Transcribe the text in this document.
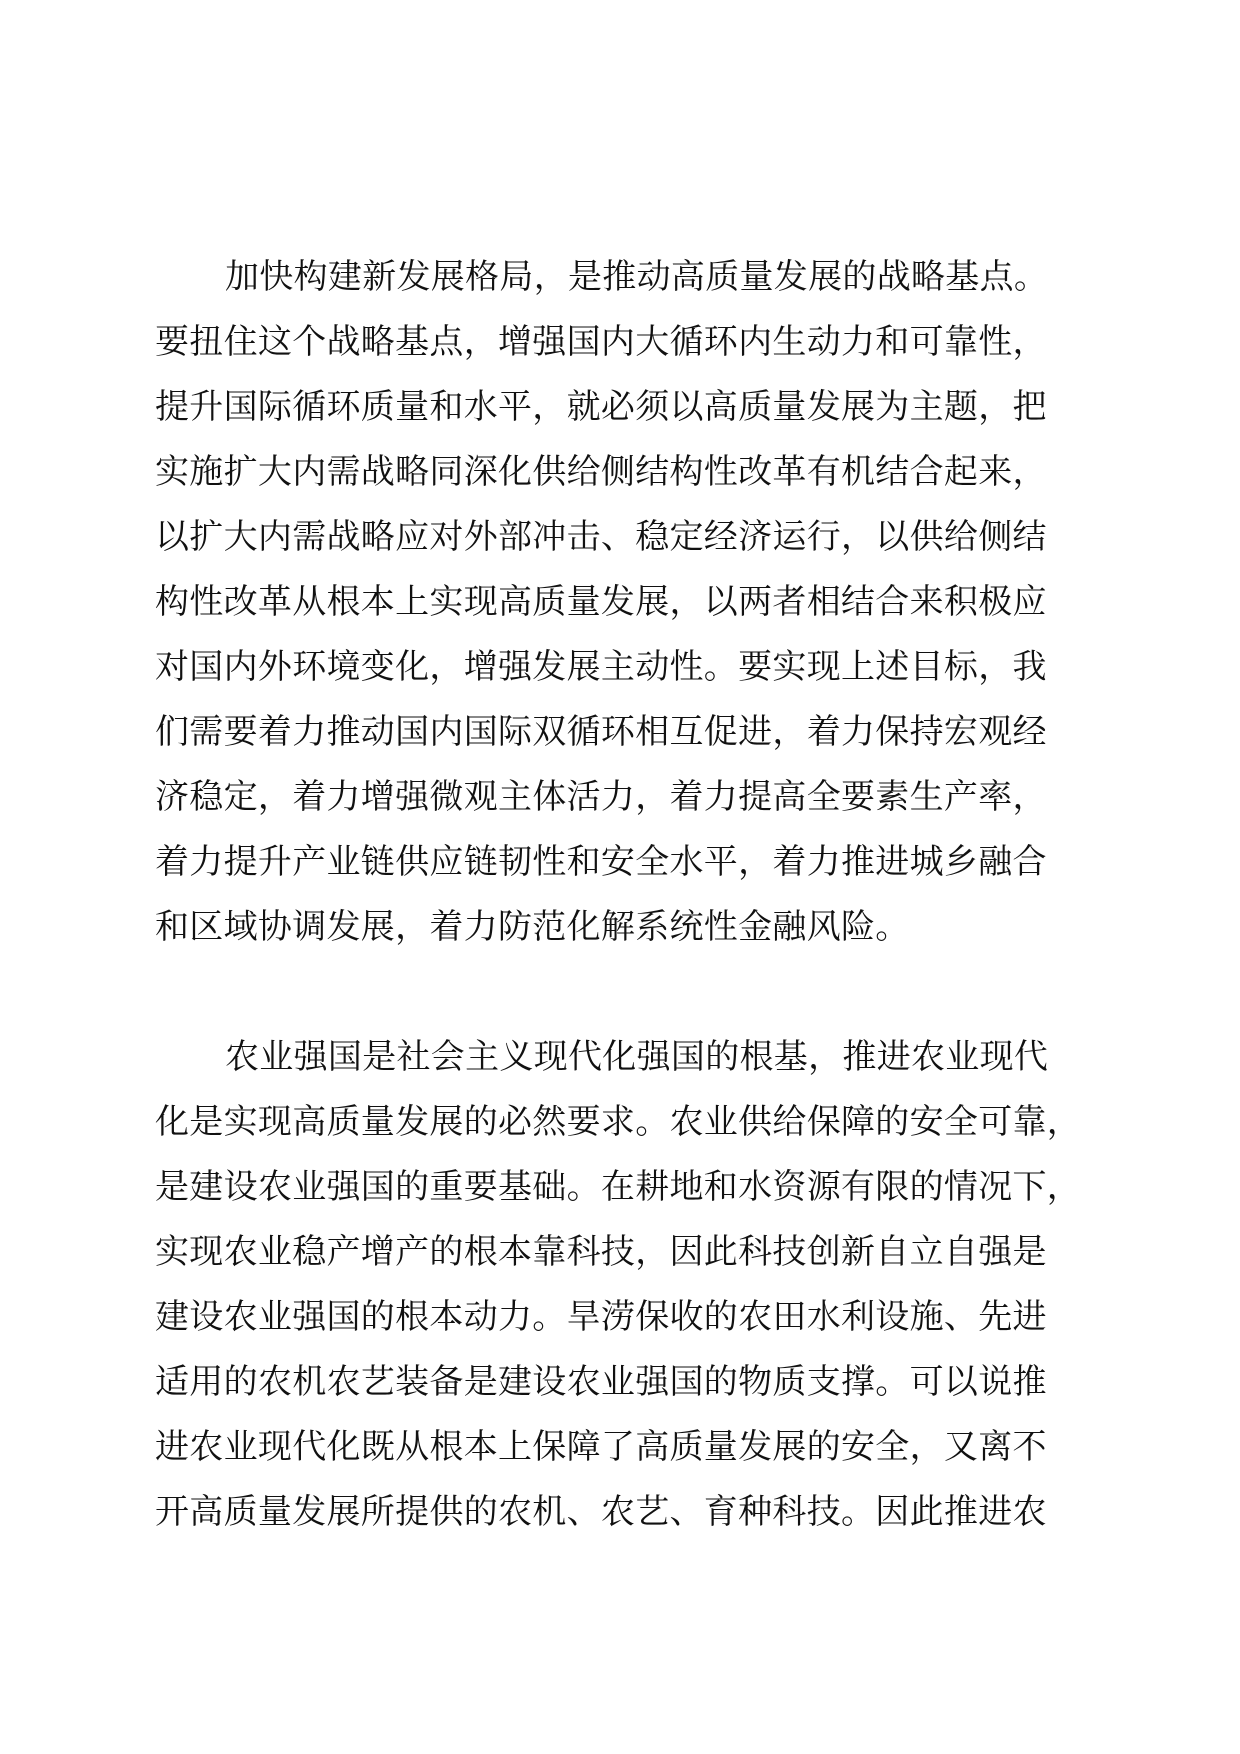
加快构建新发展格局，是推动高质量发展的战略基点。
要扭住这个战略基点，增强国内大循环内生动力和可靠性，
提升国际循环质量和水平，就必须以高质量发展为主题，把
实施扩大内需战略同深化供给侧结构性改革有机结合起来，
以扩大内需战略应对外部冲击、稳定经济运行，以供给侧结
构性改革从根本上实现高质量发展，以两者相结合来积极应
对国内外环境变化，增强发展主动性。要实现上述目标，我
们需要着力推动国内国际双循环相互促进，着力保持宏观经
济稳定，着力增强微观主体活力，着力提高全要素生产率，
着力提升产业链供应链韧性和安全水平，着力推进城乡融合
和区域协调发展，着力防范化解系统性金融风险。
农业强国是社会主义现代化强国的根基，推进农业现代
化是实现高质量发展的必然要求。农业供给保障的安全可靠，
是建设农业强国的重要基础。在耕地和水资源有限的情况下，
实现农业稳产增产的根本靠科技，因此科技创新自立自强是
建设农业强国的根本动力。旱涝保收的农田水利设施、先进
适用的农机农艺装备是建设农业强国的物质支撑。可以说推
进农业现代化既从根本上保障了高质量发展的安全，又离不
开高质量发展所提供的农机、农艺、育种科技。因此推进农
